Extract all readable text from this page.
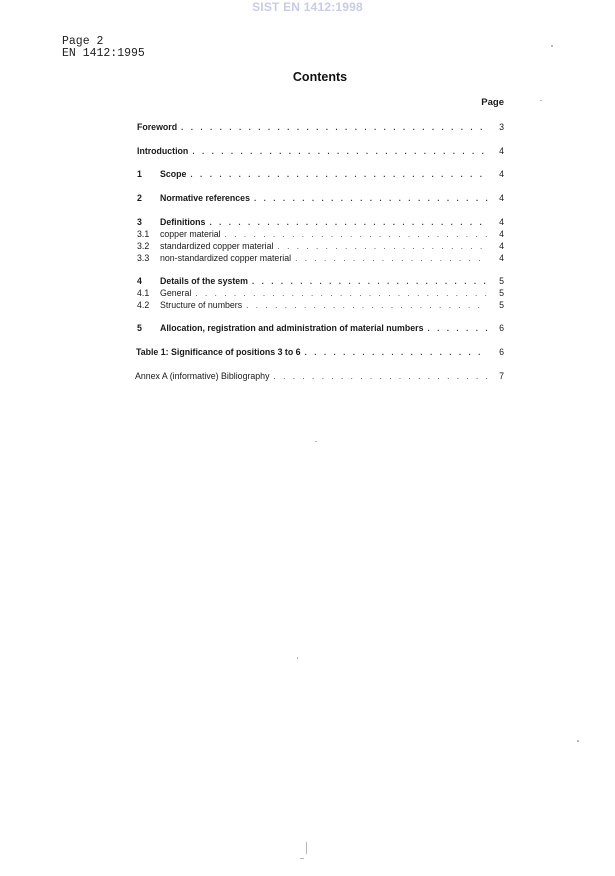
SIST EN 1412:1998
Page 2
EN 1412:1995
Contents
Page
Foreword . . .	3
Introduction . . .	4
1	Scope . . .	4
2	Normative references . . .	4
3	Definitions . . .	4
3.1	copper material . . .	4
3.2	standardized copper material . . .	4
3.3	non-standardized copper material . . .	4
4	Details of the system . . .	5
4.1	General . . .	5
4.2	Structure of numbers . . .	5
5	Allocation, registration and administration of material numbers . . .	6
Table 1: Significance of positions 3 to 6 . . .	6
Annex A (informative) Bibliography . . .	7
